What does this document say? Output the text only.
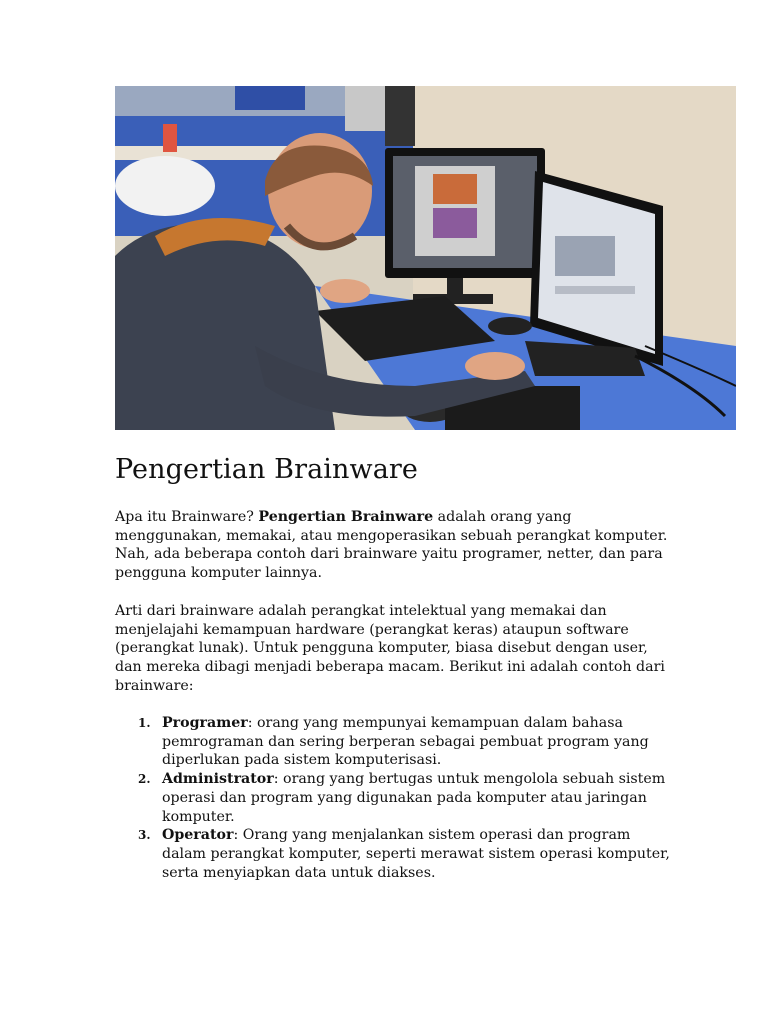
Pengertian Brainware

Apa itu Brainware? Pengertian Brainware adalah orang yang menggunakan, memakai, atau mengoperasikan sebuah perangkat komputer. Nah, ada beberapa contoh dari brainware yaitu programer, netter, dan para pengguna komputer lainnya.

Arti dari brainware adalah perangkat intelektual yang memakai dan menjelajahi kemampuan hardware (perangkat keras) ataupun software (perangkat lunak). Untuk pengguna komputer, biasa disebut dengan user, dan mereka dibagi menjadi beberapa macam. Berikut ini adalah contoh dari brainware:

1. Programer: orang yang mempunyai kemampuan dalam bahasa pemrograman dan sering berperan sebagai pembuat program yang diperlukan pada sistem komputerisasi.
2. Administrator: orang yang bertugas untuk mengolola sebuah sistem operasi dan program yang digunakan pada komputer atau jaringan komputer.
3. Operator: Orang yang menjalankan sistem operasi dan program dalam perangkat komputer, seperti merawat sistem operasi komputer, serta menyiapkan data untuk diakses.
